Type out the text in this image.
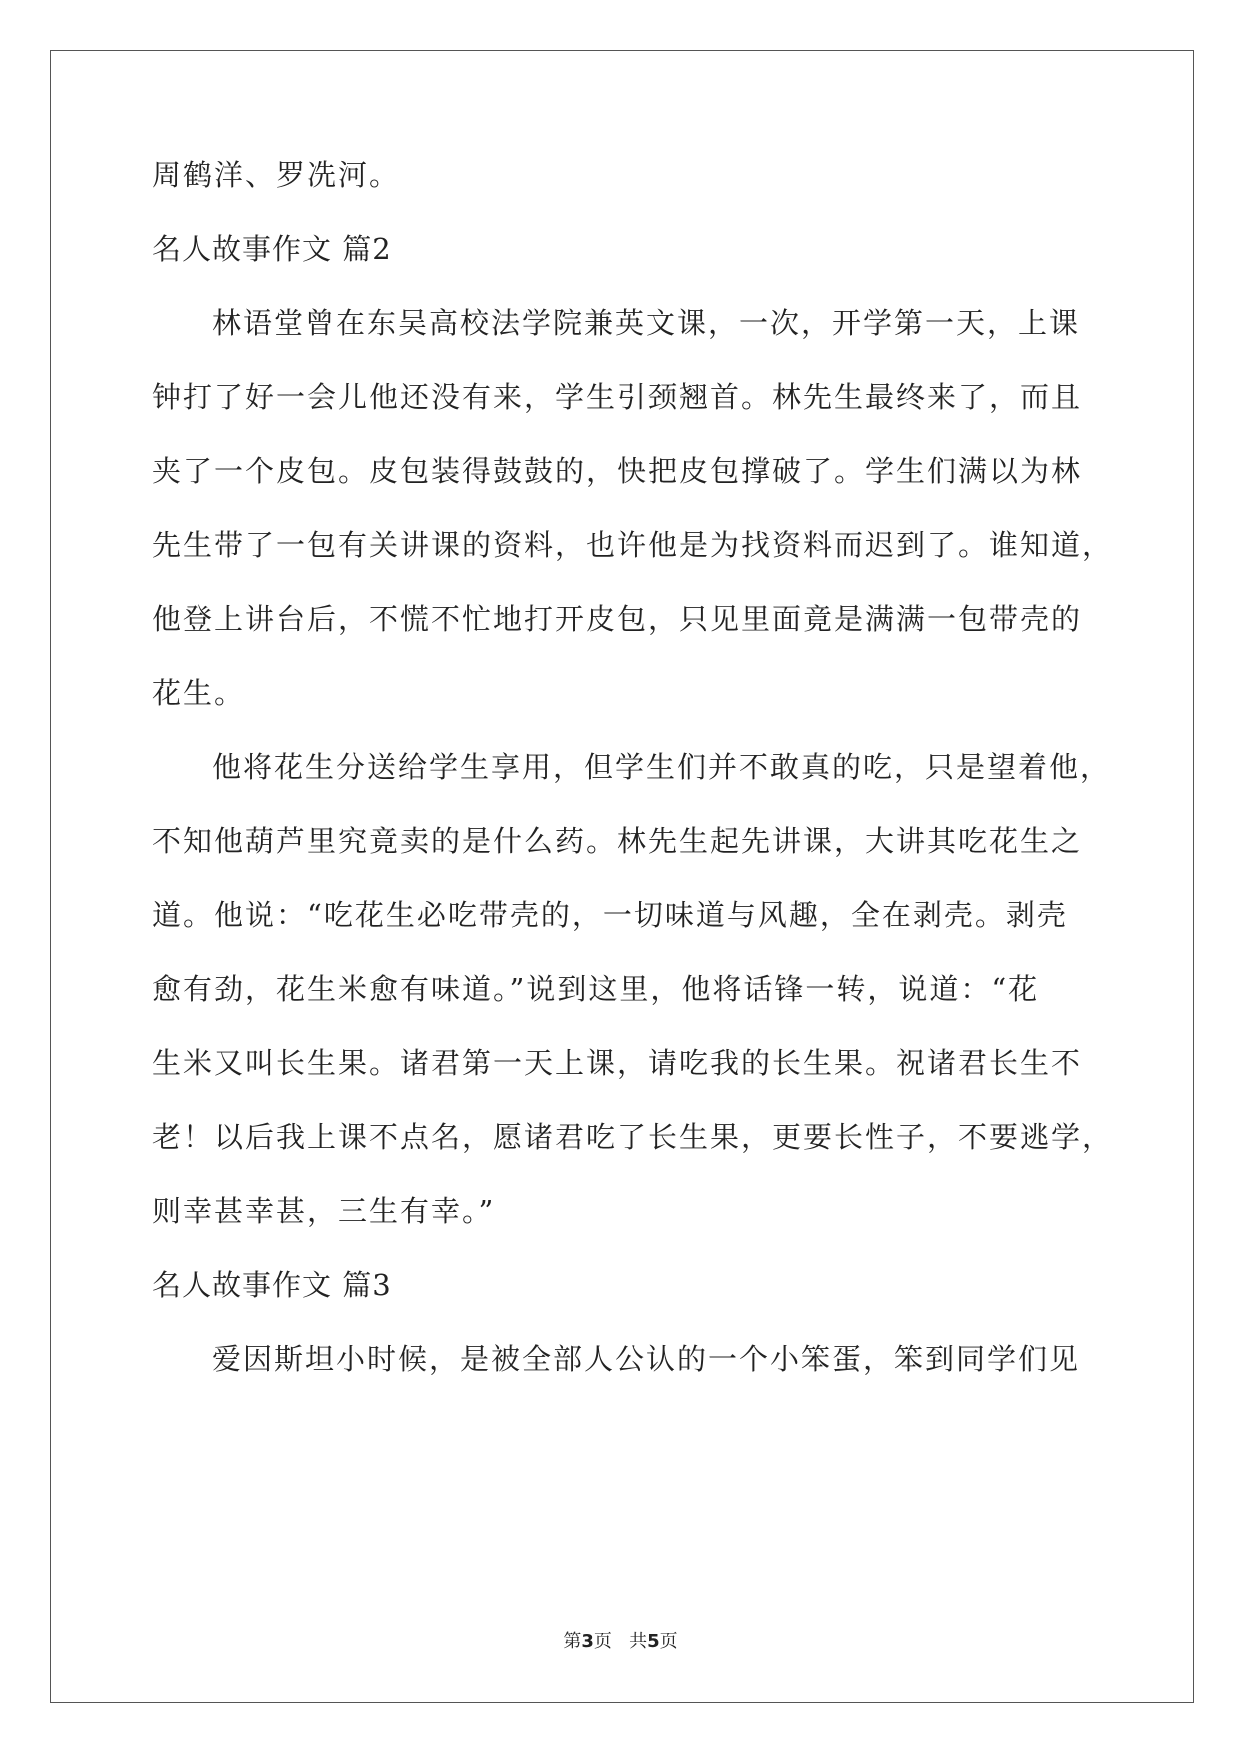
周鹤洋、罗冼河。
名人故事作文 篇2
林语堂曾在东吴高校法学院兼英文课，一次，开学第一天，上课
钟打了好一会儿他还没有来，学生引颈翘首。林先生最终来了，而且
夹了一个皮包。皮包装得鼓鼓的，快把皮包撑破了。学生们满以为林
先生带了一包有关讲课的资料，也许他是为找资料而迟到了。谁知道，
他登上讲台后，不慌不忙地打开皮包，只见里面竟是满满一包带壳的
花生。
他将花生分送给学生享用，但学生们并不敢真的吃，只是望着他，
不知他葫芦里究竟卖的是什么药。林先生起先讲课，大讲其吃花生之
道。他说：“吃花生必吃带壳的，一切味道与风趣，全在剥壳。剥壳
愈有劲，花生米愈有味道。”说到这里，他将话锋一转，说道：“花
生米又叫长生果。诸君第一天上课，请吃我的长生果。祝诸君长生不
老！以后我上课不点名，愿诸君吃了长生果，更要长性子，不要逃学，
则幸甚幸甚，三生有幸。”
名人故事作文 篇3
爱因斯坦小时候，是被全部人公认的一个小笨蛋，笨到同学们见
第3页 共5页
